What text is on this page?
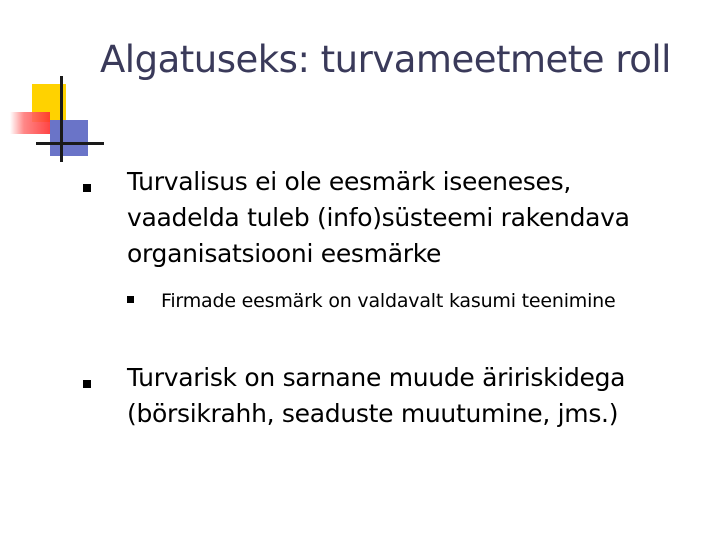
Algatuseks: turvameetmete roll
Turvalisus ei ole eesmärk iseeneses, vaadelda tuleb (info)süsteemi rakendava organisatsiooni eesmärke
Firmade eesmärk on valdavalt kasumi teenimine
Turvarisk on sarnane muude äririskidega (börsikrahh, seaduste muutumine, jms.)
